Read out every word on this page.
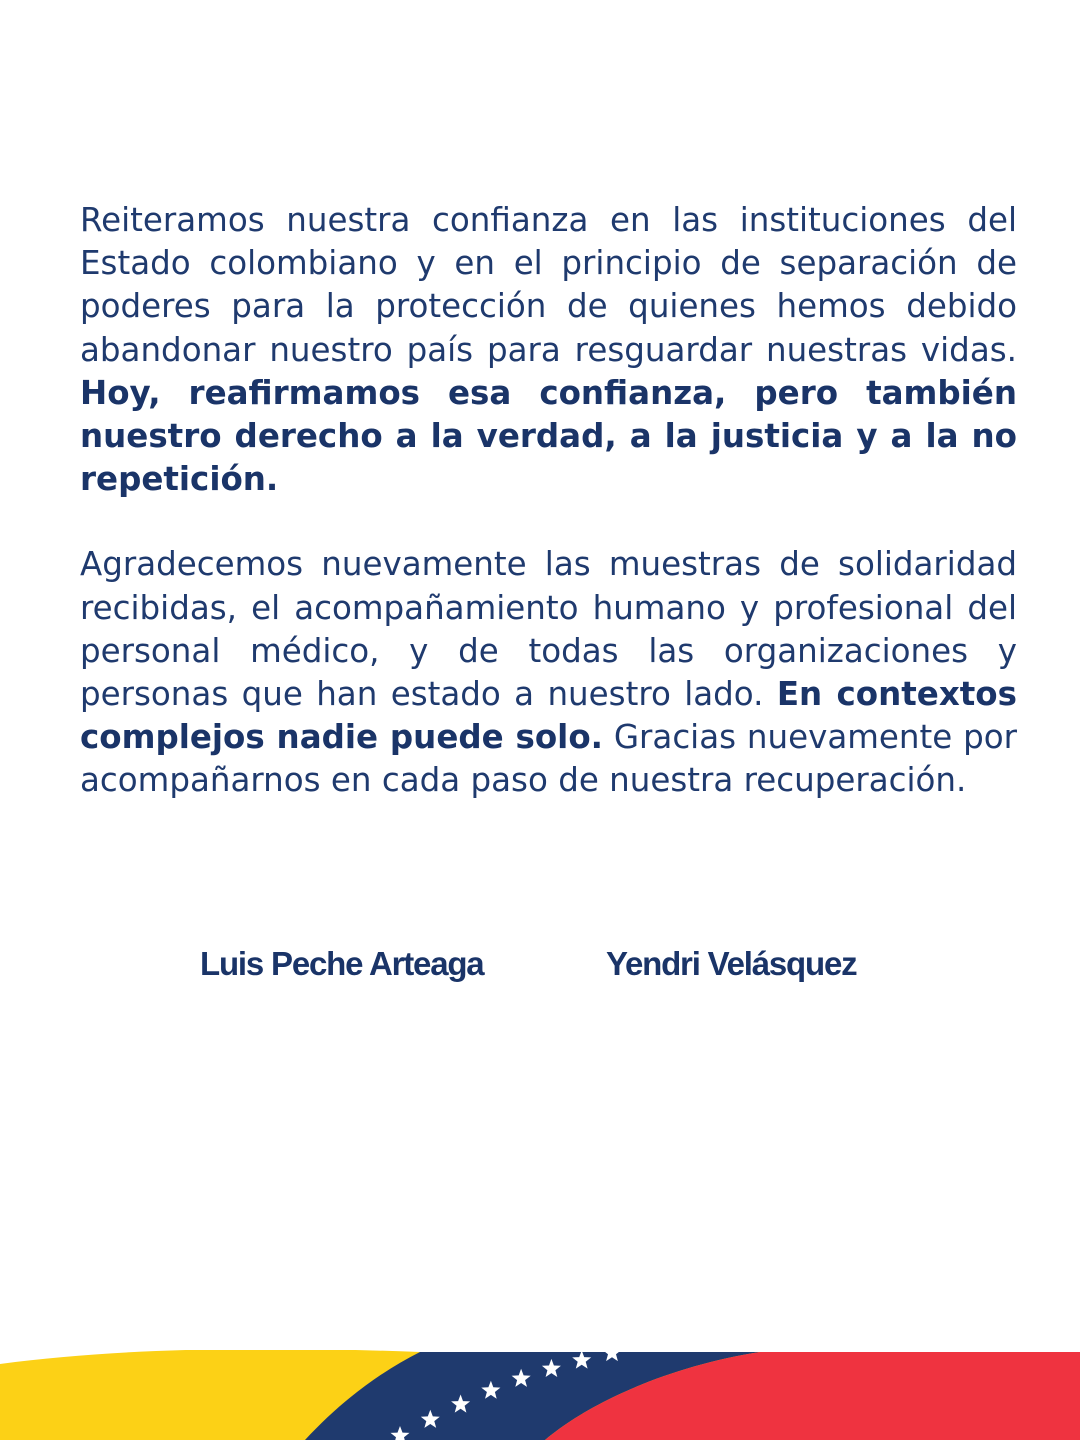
Reiteramos nuestra confianza en las instituciones del Estado colombiano y en el principio de separación de poderes para la protección de quienes hemos debido abandonar nuestro país para resguardar nuestras vidas. Hoy, reafirmamos esa confianza, pero también nuestro derecho a la verdad, a la justicia y a la no repetición.

Agradecemos nuevamente las muestras de solidaridad recibidas, el acompañamiento humano y profesional del personal médico, y de todas las organizaciones y personas que han estado a nuestro lado. En contextos complejos nadie puede solo. Gracias nuevamente por acompañarnos en cada paso de nuestra recuperación.

Luis Peche Arteaga	Yendri Velásquez
